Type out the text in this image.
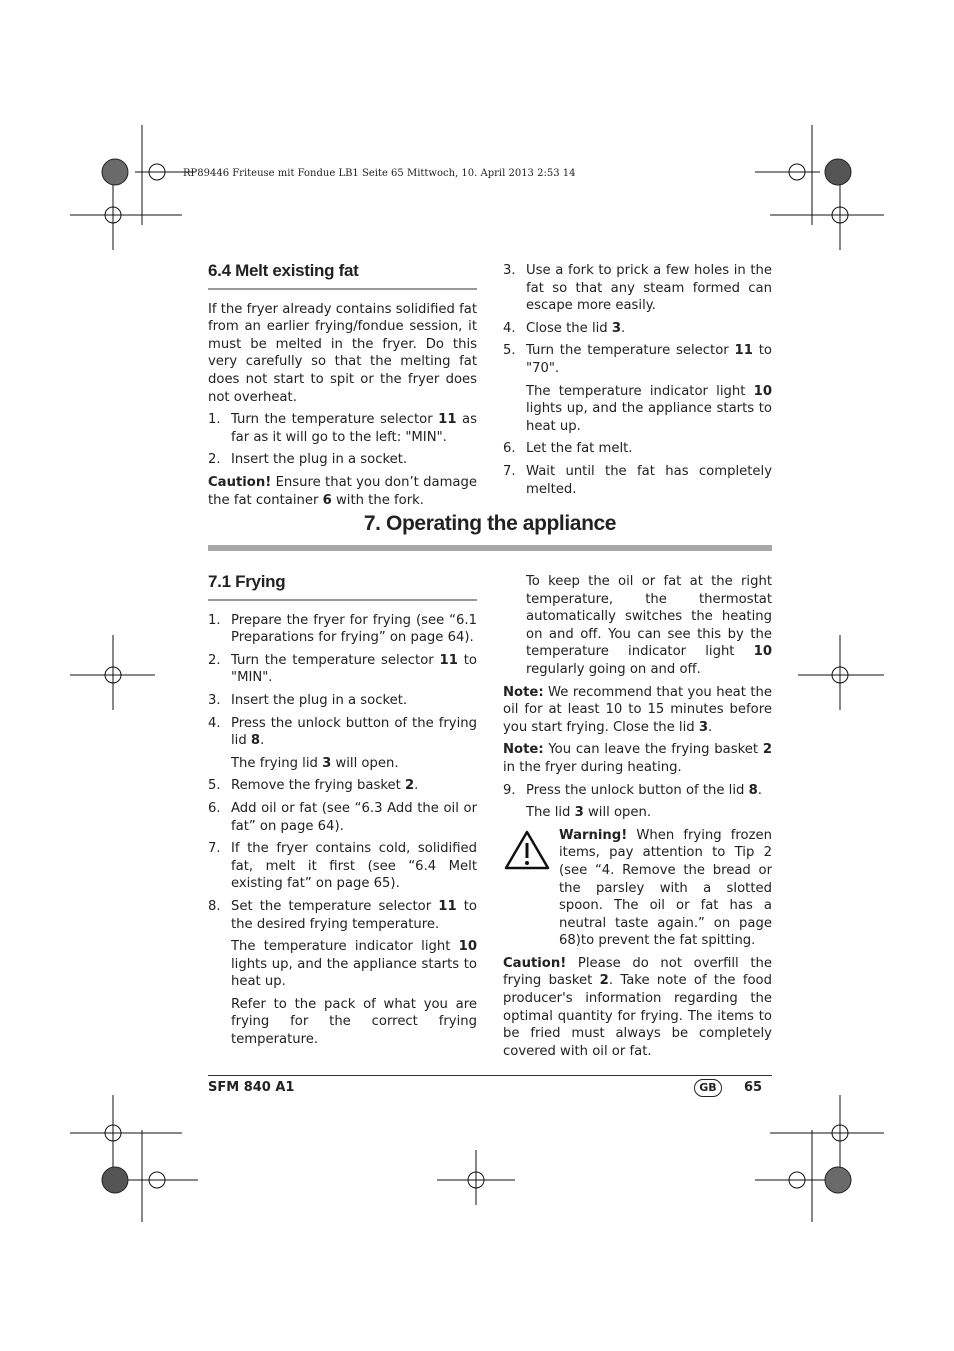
RP89446 Friteuse mit Fondue LB1 Seite 65 Mittwoch, 10. April 2013 2:53 14
6.4 Melt existing fat

If the fryer already contains solidified fat from an earlier frying/fondue session, it must be melted in the fryer. Do this very carefully so that the melting fat does not start to spit or the fryer does not overheat.

1. Turn the temperature selector 11 as far as it will go to the left: "MIN".
2. Insert the plug in a socket.

Caution! Ensure that you don’t damage the fat container 6 with the fork.

3. Use a fork to prick a few holes in the fat so that any steam formed can escape more easily.
4. Close the lid 3.
5. Turn the temperature selector 11 to "70".

The temperature indicator light 10 lights up, and the appliance starts to heat up.

6. Let the fat melt.
7. Wait until the fat has completely melted.
7. Operating the appliance
7.1 Frying
1. Prepare the fryer for frying (see “6.1 Preparations for frying” on page 64).
2. Turn the temperature selector 11 to "MIN".
3. Insert the plug in a socket.
4. Press the unlock button of the frying lid 8.

The frying lid 3 will open.

5. Remove the frying basket 2.
6. Add oil or fat (see “6.3 Add the oil or fat” on page 64).
7. If the fryer contains cold, solidified fat, melt it first (see “6.4 Melt existing fat” on page 65).
8. Set the temperature selector 11 to the desired frying temperature.

The temperature indicator light 10 lights up, and the appliance starts to heat up.

Refer to the pack of what you are frying for the correct frying temperature.

To keep the oil or fat at the right temperature, the thermostat automatically switches the heating on and off. You can see this by the temperature indicator light 10 regularly going on and off.

Note: We recommend that you heat the oil for at least 10 to 15 minutes before you start frying. Close the lid 3.

Note: You can leave the frying basket 2 in the fryer during heating.

9. Press the unlock button of the lid 8.

The lid 3 will open.

Warning! When frying frozen items, pay attention to Tip 2 (see “4. Remove the bread or the parsley with a slotted spoon. The oil or fat has a neutral taste again.” on page 68)to prevent the fat spitting.

Caution! Please do not overfill the frying basket 2. Take note of the food producer's information regarding the optimal quantity for frying. The items to be fried must always be completely covered with oil or fat.

SFM 840 A1	GB	65
